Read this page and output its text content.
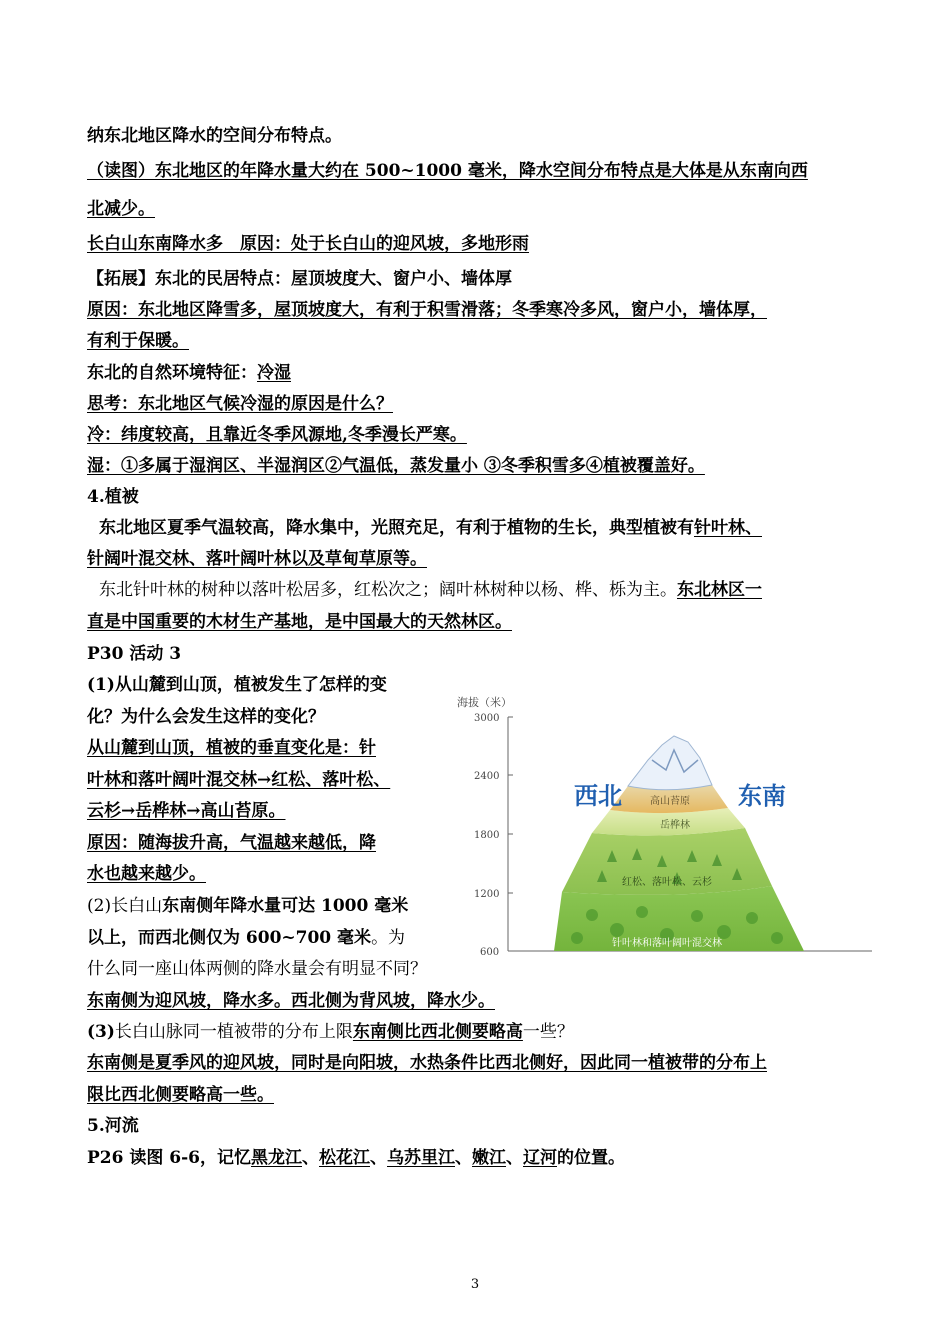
纳东北地区降水的空间分布特点。
（读图）东北地区的年降水量大约在 500~1000 毫米，降水空间分布特点是大体是从东南向西
北减少。
长白山东南降水多　原因：处于长白山的迎风坡，多地形雨
【拓展】东北的民居特点：屋顶坡度大、窗户小、墙体厚
原因：东北地区降雪多，屋顶坡度大，有利于积雪滑落；冬季寒冷多风，窗户小，墙体厚，
有利于保暖。
东北的自然环境特征：冷湿
思考：东北地区气候冷湿的原因是什么？
冷：纬度较高，且靠近冬季风源地,冬季漫长严寒。
湿：①多属于湿润区、半湿润区②气温低，蒸发量小 ③冬季积雪多④植被覆盖好。
4.植被
东北地区夏季气温较高，降水集中，光照充足，有利于植物的生长，典型植被有针叶林、
针阔叶混交林、落叶阔叶林以及草甸草原等。
东北针叶林的树种以落叶松居多，红松次之；阔叶林树种以杨、桦、栎为主。东北林区一
直是中国重要的木材生产基地，是中国最大的天然林区。
P30 活动 3
(1)从山麓到山顶，植被发生了怎样的变
化？为什么会发生这样的变化？
从山麓到山顶，植被的垂直变化是：针
叶林和落叶阔叶混交林→红松、落叶松、
云杉→岳桦林→高山苔原。
原因：随海拔升高，气温越来越低，降
水也越来越少。
(2)长白山东南侧年降水量可达 1000 毫米
以上，而西北侧仅为 600~700 毫米。为
什么同一座山体两侧的降水量会有明显不同？
东南侧为迎风坡，降水多。西北侧为背风坡，降水少。
(3)长白山脉同一植被带的分布上限东南侧比西北侧要略高一些？
东南侧是夏季风的迎风坡，同时是向阳坡，水热条件比西北侧好，因此同一植被带的分布上
限比西北侧要略高一些。
5.河流
P26 读图 6-6，记忆黑龙江、松花江、乌苏里江、嫩江、辽河的位置。
海拔（米）
3000
2400
1800
1200
600
高山苔原
岳桦林
红松、落叶松、云杉
针叶林和落叶阔叶混交林
西北	东南
3
